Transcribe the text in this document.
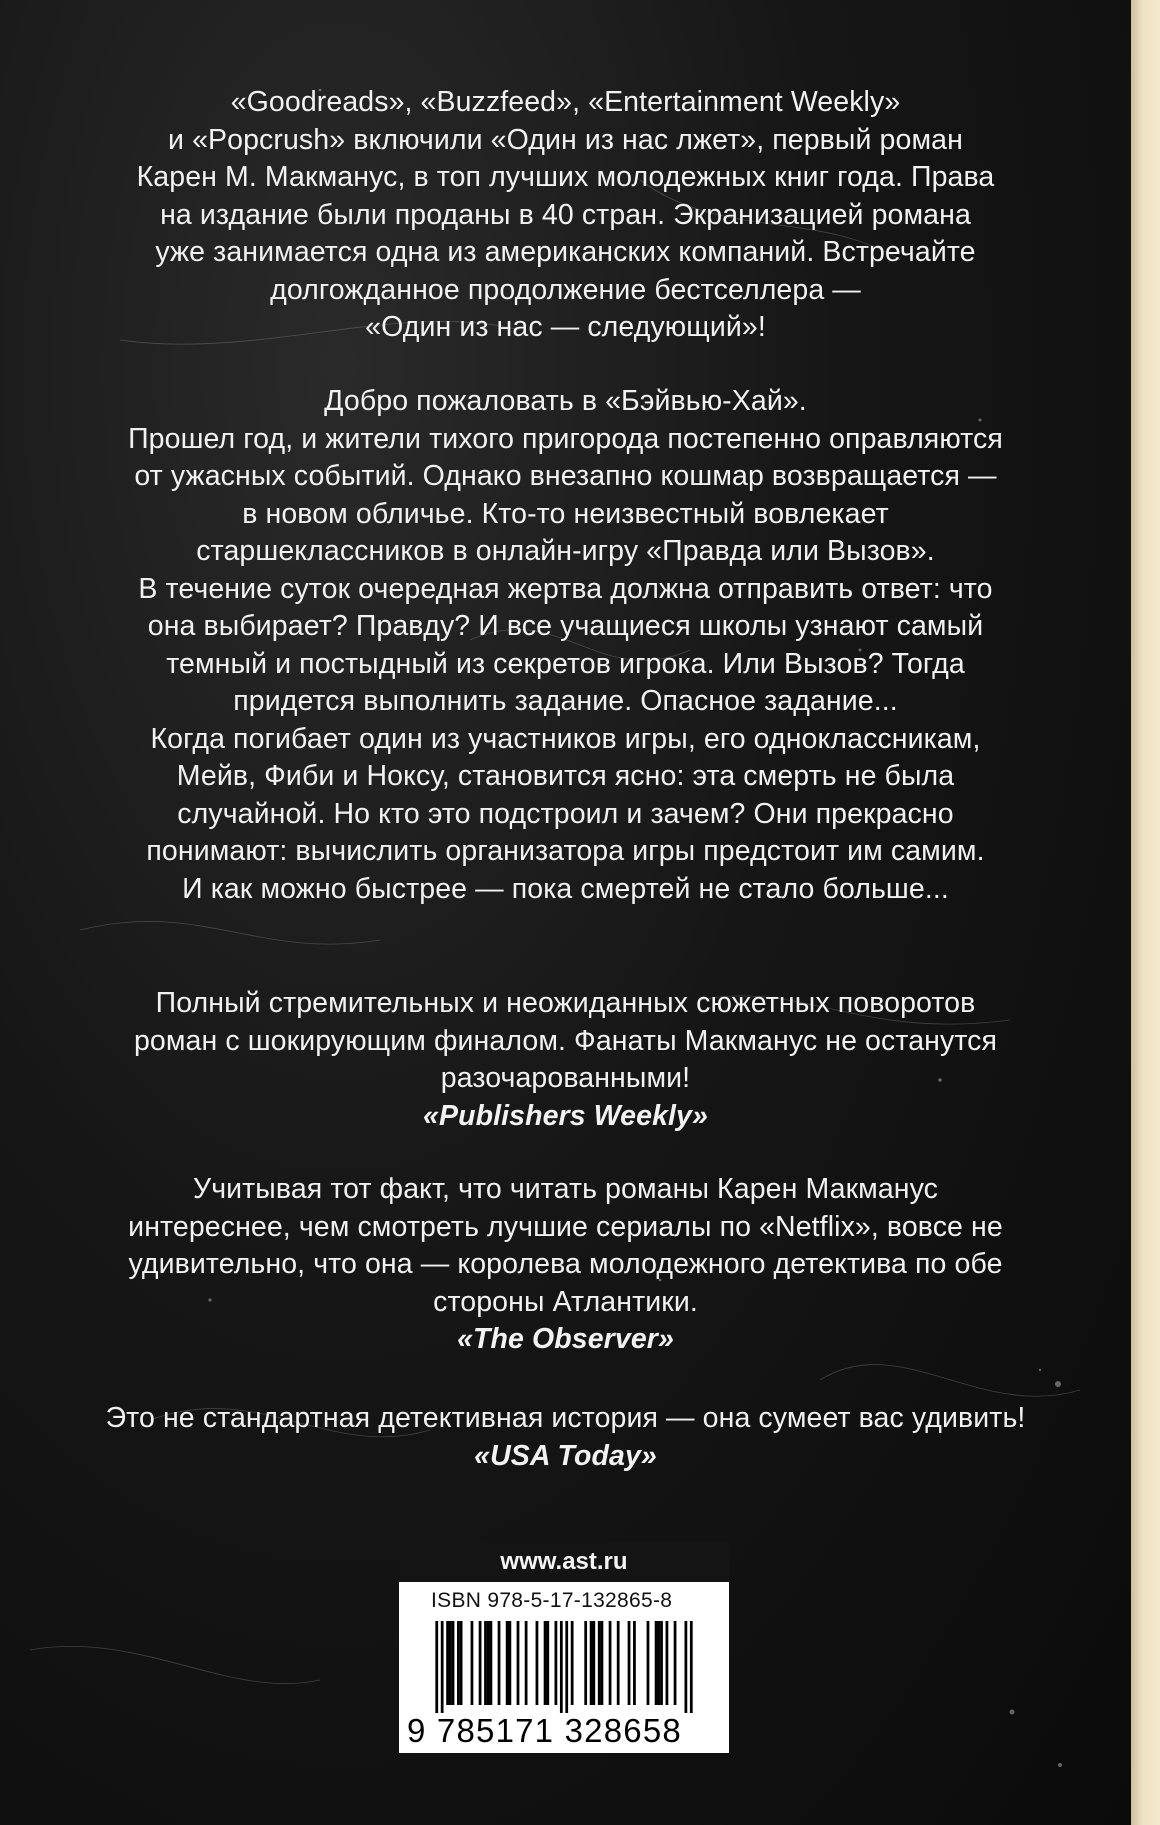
«Goodreads», «Buzzfeed», «Entertainment Weekly»

и «Popcrush» включили «Один из нас лжет», первый роман

Карен М. Макманус, в топ лучших молодежных книг года. Права

на издание были проданы в 40 стран. Экранизацией романа

уже занимается одна из американских компаний. Встречайте

долгожданное продолжение бестселлера —

«Один из нас — следующий»!

Добро пожаловать в «Бэйвью-Хай».

Прошел год, и жители тихого пригорода постепенно оправляются

от ужасных событий. Однако внезапно кошмар возвращается —

в новом обличье. Кто-то неизвестный вовлекает

старшеклассников в онлайн-игру «Правда или Вызов».

В течение суток очередная жертва должна отправить ответ: что

она выбирает? Правду? И все учащиеся школы узнают самый

темный и постыдный из секретов игрока. Или Вызов? Тогда

придется выполнить задание. Опасное задание...

Когда погибает один из участников игры, его одноклассникам,

Мейв, Фиби и Ноксу, становится ясно: эта смерть не была

случайной. Но кто это подстроил и зачем? Они прекрасно

понимают: вычислить организатора игры предстоит им самим.

И как можно быстрее — пока смертей не стало больше...

Полный стремительных и неожиданных сюжетных поворотов

роман с шокирующим финалом. Фанаты Макманус не останутся

разочарованными!

«Publishers Weekly»

Учитывая тот факт, что читать романы Карен Макманус

интереснее, чем смотреть лучшие сериалы по «Netflix», вовсе не

удивительно, что она — королева молодежного детектива по обе

стороны Атлантики.

«The Observer»

Это не стандартная детективная история — она сумеет вас удивить!

«USA Today»

www.ast.ru
ISBN 978-5-17-132865-8
9 785171 328658
